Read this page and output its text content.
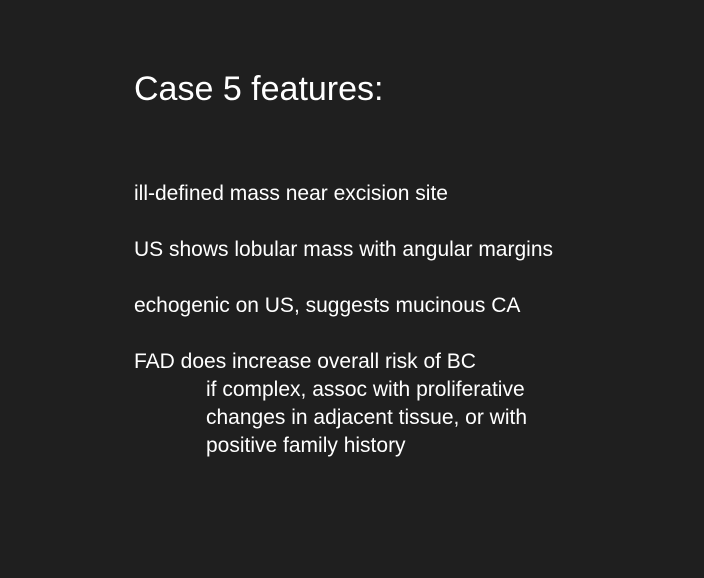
Case 5 features:
ill-defined mass near excision site
US shows lobular mass with angular margins
echogenic on US, suggests mucinous CA
FAD does increase overall risk of BC
if complex, assoc with proliferative
changes in adjacent tissue, or with
positive family history
